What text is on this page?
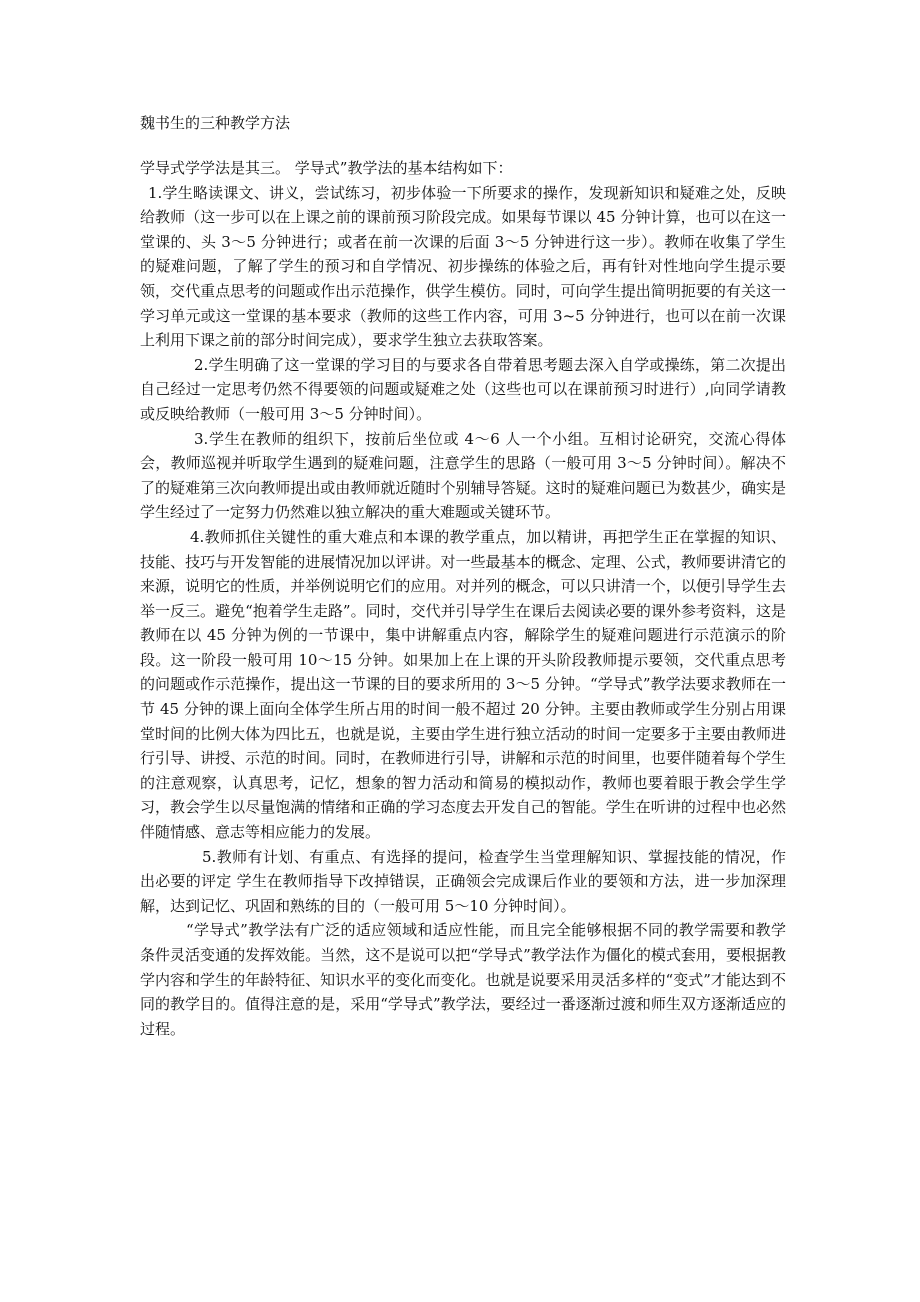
魏书生的三种教学方法

学导式学学法是其三。 学导式”教学法的基本结构如下：

1.学生略读课文、讲义，尝试练习，初步体验一下所要求的操作，发现新知识和疑难之处，反映给教师（这一步可以在上课之前的课前预习阶段完成。如果每节课以 45 分钟计算，也可以在这一堂课的、头 3～5 分钟进行；或者在前一次课的后面 3～5 分钟进行这一步）。教师在收集了学生的疑难问题，了解了学生的预习和自学情况、初步操练的体验之后，再有针对性地向学生提示要领，交代重点思考的问题或作出示范操作，供学生模仿。同时，可向学生提出简明扼要的有关这一学习单元或这一堂课的基本要求（教师的这些工作内容，可用 3~5 分钟进行，也可以在前一次课上利用下课之前的部分时间完成），要求学生独立去获取答案。

2.学生明确了这一堂课的学习目的与要求各自带着思考题去深入自学或操练，第二次提出自己经过一定思考仍然不得要领的问题或疑难之处（这些也可以在课前预习时进行）,向同学请教或反映给教师（一般可用 3～5 分钟时间）。

3.学生在教师的组织下，按前后坐位或 4～6 人一个小组。互相讨论研究，交流心得体会，教师巡视并听取学生遇到的疑难问题，注意学生的思路（一般可用 3～5 分钟时间）。解决不了的疑难第三次向教师提出或由教师就近随时个别辅导答疑。这时的疑难问题已为数甚少，确实是学生经过了一定努力仍然难以独立解决的重大难题或关键环节。

4.教师抓住关键性的重大难点和本课的教学重点，加以精讲，再把学生正在掌握的知识、技能、技巧与开发智能的进展情况加以评讲。对一些最基本的概念、定理、公式，教师要讲清它的来源，说明它的性质，并举例说明它们的应用。对并列的概念，可以只讲清一个，以便引导学生去举一反三。避免“抱着学生走路”。同时，交代并引导学生在课后去阅读必要的课外参考资料，这是教师在以 45 分钟为例的一节课中，集中讲解重点内容，解除学生的疑难问题进行示范演示的阶段。这一阶段一般可用 10～15 分钟。如果加上在上课的开头阶段教师提示要领，交代重点思考的问题或作示范操作，提出这一节课的目的要求所用的 3～5 分钟。“学导式”教学法要求教师在一节 45 分钟的课上面向全体学生所占用的时间一般不超过 20 分钟。主要由教师或学生分别占用课堂时间的比例大体为四比五，也就是说，主要由学生进行独立活动的时间一定要多于主要由教师进行引导、讲授、示范的时间。同时，在教师进行引导，讲解和示范的时间里，也要伴随着每个学生的注意观察，认真思考，记忆，想象的智力活动和简易的模拟动作，教师也要着眼于教会学生学习，教会学生以尽量饱满的情绪和正确的学习态度去开发自己的智能。学生在听讲的过程中也必然伴随情感、意志等相应能力的发展。

5.教师有计划、有重点、有选择的提问，检查学生当堂理解知识、掌握技能的情况，作出必要的评定 学生在教师指导下改掉错误，正确领会完成课后作业的要领和方法，进一步加深理解，达到记忆、巩固和熟练的目的（一般可用 5～10 分钟时间）。

“学导式”教学法有广泛的适应领域和适应性能，而且完全能够根据不同的教学需要和教学条件灵活变通的发挥效能。当然，这不是说可以把“学导式”教学法作为僵化的模式套用，要根据教学内容和学生的年龄特征、知识水平的变化而变化。也就是说要采用灵活多样的“变式”才能达到不同的教学目的。值得注意的是，采用“学导式”教学法，要经过一番逐渐过渡和师生双方逐渐适应的过程。
